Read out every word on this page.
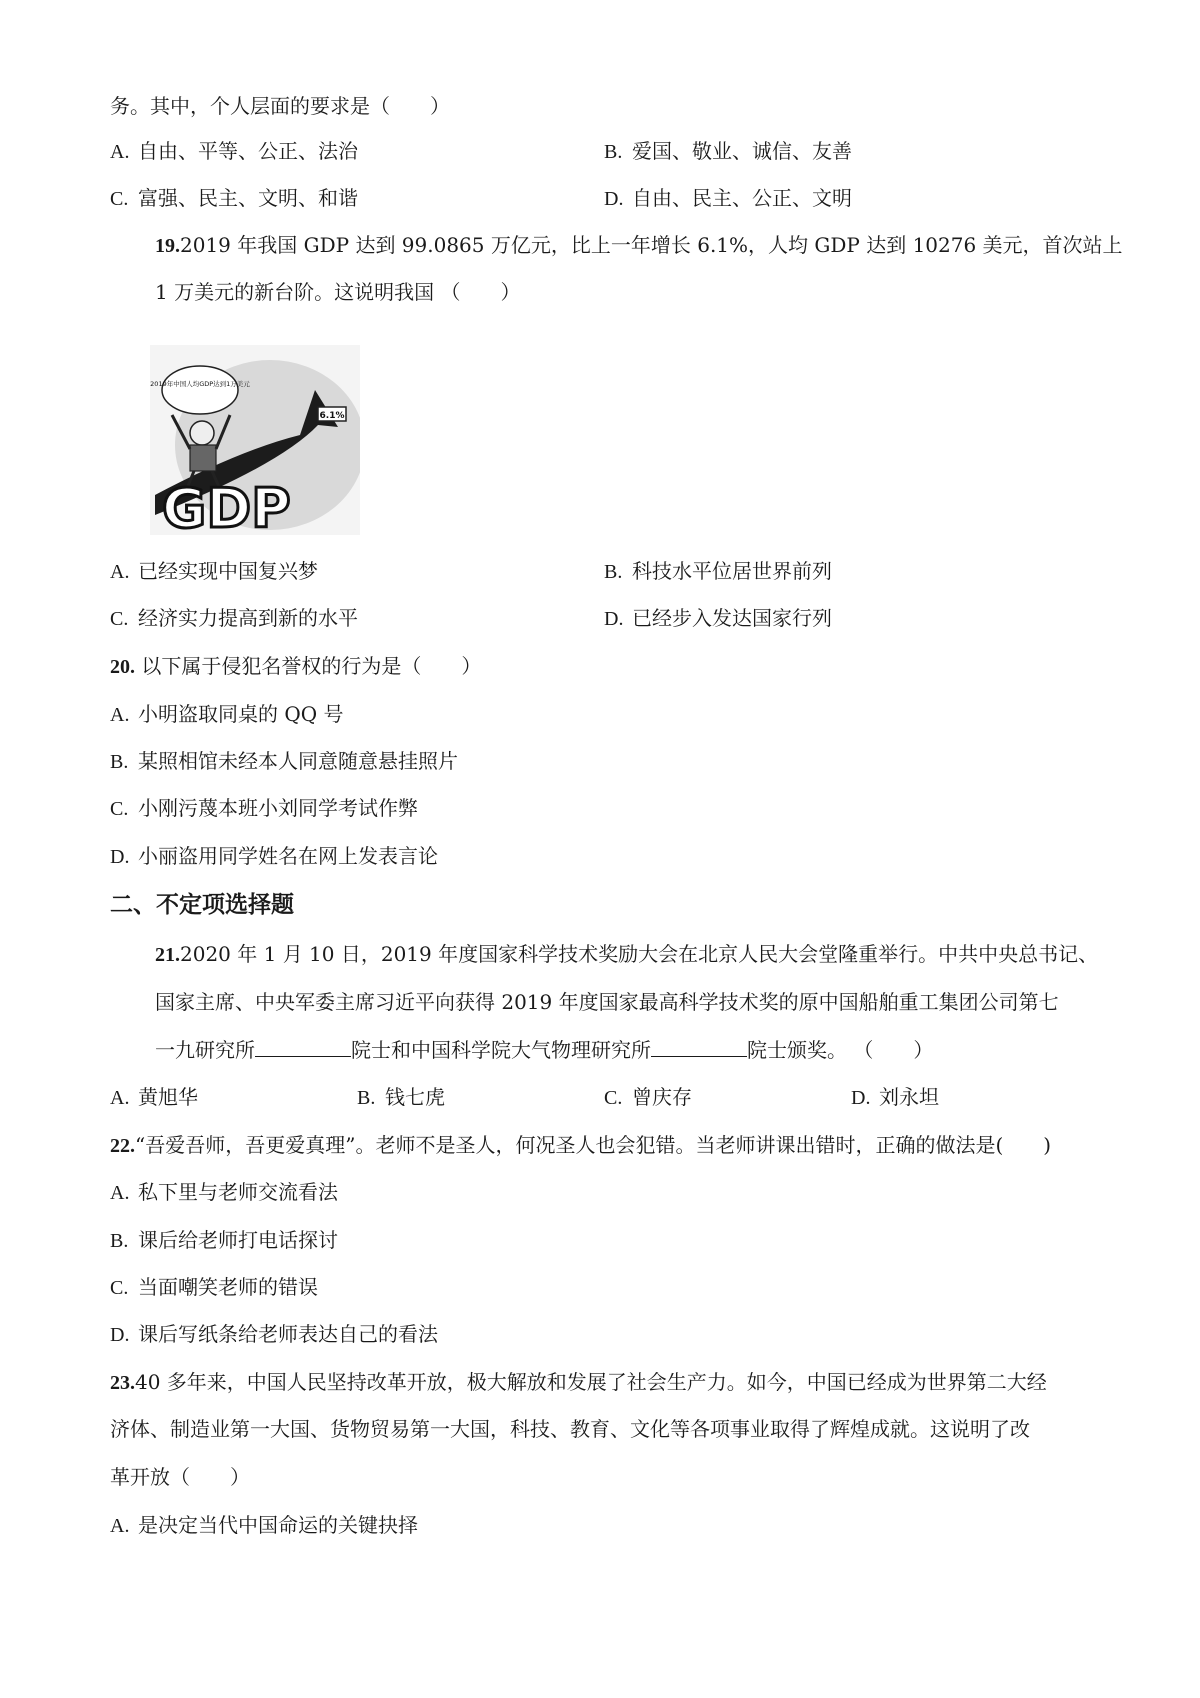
务。其中，个人层面的要求是（　　）
A. 自由、平等、公正、法治	B. 爱国、敬业、诚信、友善
C. 富强、民主、文明、和谐	D. 自由、民主、公正、文明
19.2019 年我国 GDP 达到 99.0865 万亿元，比上一年增长 6.1%，人均 GDP 达到 10276 美元，首次站上
1 万美元的新台阶。这说明我国 （　　）
6.1%
2019年中国人均GDP达到1万美元
GDP
A. 已经实现中国复兴梦	B. 科技水平位居世界前列
C. 经济实力提高到新的水平	D. 已经步入发达国家行列
20. 以下属于侵犯名誉权的行为是（　　）
A. 小明盗取同桌的 QQ 号
B. 某照相馆未经本人同意随意悬挂照片
C. 小刚污蔑本班小刘同学考试作弊
D. 小丽盗用同学姓名在网上发表言论
二、不定项选择题
21.2020 年 1 月 10 日，2019 年度国家科学技术奖励大会在北京人民大会堂隆重举行。中共中央总书记、
国家主席、中央军委主席习近平向获得 2019 年度国家最高科学技术奖的原中国船舶重工集团公司第七
一九研究所	院士和中国科学院大气物理研究所	院士颁奖。 （　　）
A. 黄旭华	B. 钱七虎	C. 曾庆存	D. 刘永坦
22.“吾爱吾师，吾更爱真理”。老师不是圣人，何况圣人也会犯错。当老师讲课出错时，正确的做法是(　　)
A. 私下里与老师交流看法
B. 课后给老师打电话探讨
C. 当面嘲笑老师的错误
D. 课后写纸条给老师表达自己的看法
23.40 多年来，中国人民坚持改革开放，极大解放和发展了社会生产力。如今，中国已经成为世界第二大经
济体、制造业第一大国、货物贸易第一大国，科技、教育、文化等各项事业取得了辉煌成就。这说明了改
革开放（　　）
A. 是决定当代中国命运的关键抉择
